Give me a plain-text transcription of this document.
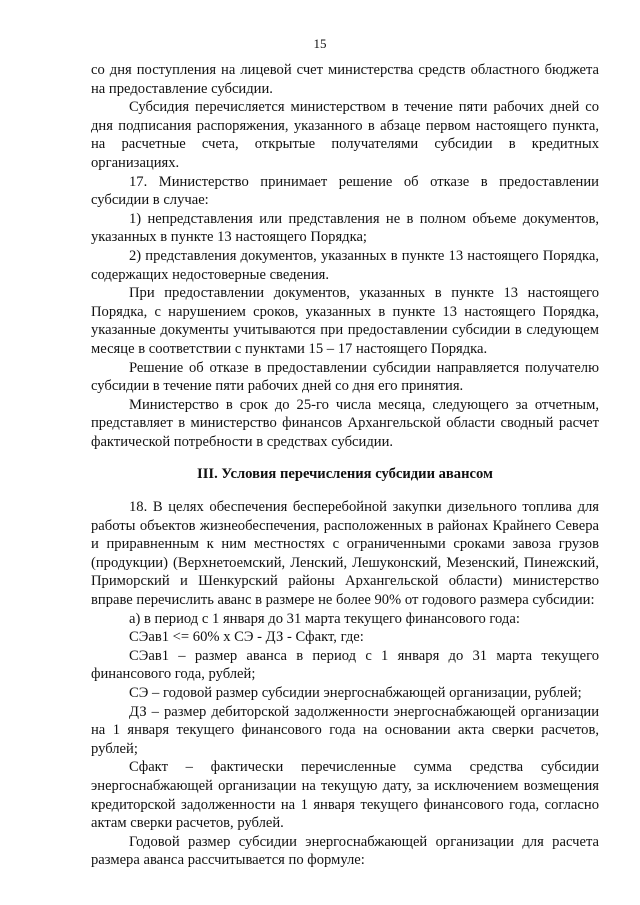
15

со дня поступления на лицевой счет министерства средств областного бюджета на предоставление субсидии.

Субсидия перечисляется министерством в течение пяти рабочих дней со дня подписания распоряжения, указанного в абзаце первом настоящего пункта, на расчетные счета, открытые получателями субсидии в кредитных организациях.

17. Министерство принимает решение об отказе в предоставлении субсидии в случае:

1) непредставления или представления не в полном объеме документов, указанных в пункте 13 настоящего Порядка;

2) представления документов, указанных в пункте 13 настоящего Порядка, содержащих недостоверные сведения.

При предоставлении документов, указанных в пункте 13 настоящего Порядка, с нарушением сроков, указанных в пункте 13 настоящего Порядка, указанные документы учитываются при предоставлении субсидии в следующем месяце в соответствии с пунктами 15 – 17 настоящего Порядка.

Решение об отказе в предоставлении субсидии направляется получателю субсидии в течение пяти рабочих дней со дня его принятия.

Министерство в срок до 25-го числа месяца, следующего за отчетным, представляет в министерство финансов Архангельской области сводный расчет фактической потребности в средствах субсидии.

III. Условия перечисления субсидии авансом

18. В целях обеспечения бесперебойной закупки дизельного топлива для работы объектов жизнеобеспечения, расположенных в районах Крайнего Севера и приравненным к ним местностях с ограниченными сроками завоза грузов (продукции) (Верхнетоемский, Ленский, Лешуконский, Мезенский, Пинежский, Приморский и Шенкурский районы Архангельской области) министерство вправе перечислить аванс в размере не более 90% от годового размера субсидии:

а) в период с 1 января до 31 марта текущего финансового года:

СЭав1 <= 60% х СЭ - ДЗ - Сфакт, где:

СЭав1 – размер аванса в период с 1 января до 31 марта текущего финансового года, рублей;

СЭ – годовой размер субсидии энергоснабжающей организации, рублей;

ДЗ – размер дебиторской задолженности энергоснабжающей организации на 1 января текущего финансового года на основании акта сверки расчетов, рублей;

Сфакт – фактически перечисленные сумма средства субсидии энергоснабжающей организации на текущую дату, за исключением возмещения кредиторской задолженности на 1 января текущего финансового года, согласно актам сверки расчетов, рублей.

Годовой размер субсидии энергоснабжающей организации для расчета размера аванса рассчитывается по формуле:
